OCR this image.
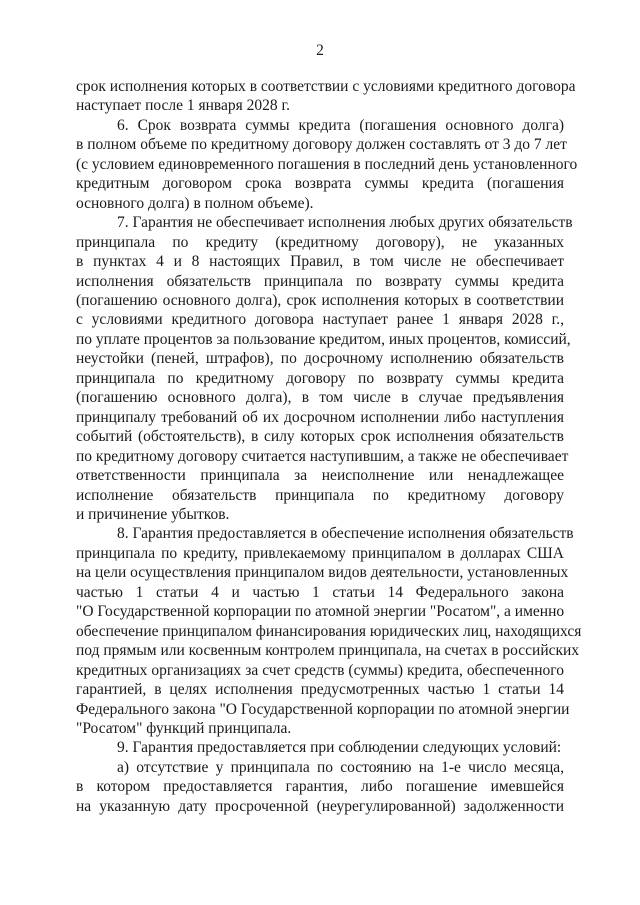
2
срок исполнения которых в соответствии с условиями кредитного договора
наступает после 1 января 2028 г.
6. Срок возврата суммы кредита (погашения основного долга)
в полном объеме по кредитному договору должен составлять от 3 до 7 лет
(с условием единовременного погашения в последний день установленного
кредитным договором срока возврата суммы кредита (погашения
основного долга) в полном объеме).
7. Гарантия не обеспечивает исполнения любых других обязательств
принципала по кредиту (кредитному договору), не указанных
в пунктах 4 и 8 настоящих Правил, в том числе не обеспечивает
исполнения обязательств принципала по возврату суммы кредита
(погашению основного долга), срок исполнения которых в соответствии
с условиями кредитного договора наступает ранее 1 января 2028 г.,
по уплате процентов за пользование кредитом, иных процентов, комиссий,
неустойки (пеней, штрафов), по досрочному исполнению обязательств
принципала по кредитному договору по возврату суммы кредита
(погашению основного долга), в том числе в случае предъявления
принципалу требований об их досрочном исполнении либо наступления
событий (обстоятельств), в силу которых срок исполнения обязательств
по кредитному договору считается наступившим, а также не обеспечивает
ответственности принципала за неисполнение или ненадлежащее
исполнение обязательств принципала по кредитному договору
и причинение убытков.
8. Гарантия предоставляется в обеспечение исполнения обязательств
принципала по кредиту, привлекаемому принципалом в долларах США
на цели осуществления принципалом видов деятельности, установленных
частью 1 статьи 4 и частью 1 статьи 14 Федерального закона
"О Государственной корпорации по атомной энергии "Росатом", а именно
обеспечение принципалом финансирования юридических лиц, находящихся
под прямым или косвенным контролем принципала, на счетах в российских
кредитных организациях за счет средств (суммы) кредита, обеспеченного
гарантией, в целях исполнения предусмотренных частью 1 статьи 14
Федерального закона "О Государственной корпорации по атомной энергии
"Росатом" функций принципала.
9. Гарантия предоставляется при соблюдении следующих условий:
а) отсутствие у принципала по состоянию на 1-е число месяца,
в котором предоставляется гарантия, либо погашение имевшейся
на указанную дату просроченной (неурегулированной) задолженности
